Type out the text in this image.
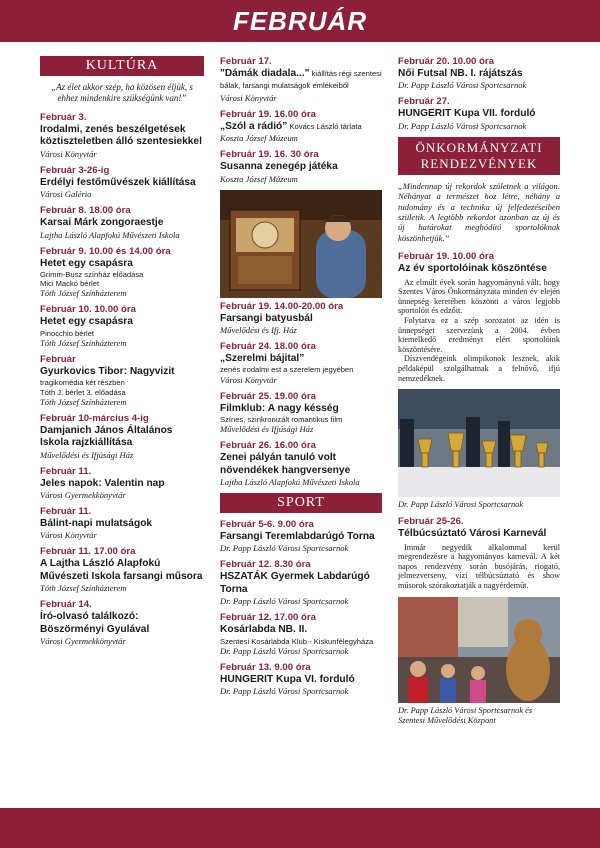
FEBRUÁR
KULTÚRA
„Az élet akkor szép, ha közösen éljük, s ehhez mindenkire szükségünk van!”
Február 3.
Irodalmi, zenés beszélgetések köztiszteletben álló szentesiekkel
Városi Könyvtár
Február 3-26-ig
Erdélyi festőművészek kiállítása
Városi Galéria
Február 8. 18.00 óra
Karsai Márk zongoraestje
Lajtha László Alapfokú Művészeti Iskola
Február 9. 10.00 és 14.00 óra
Hetet egy csapásra
Grimm-Busz színház előadása
Mici Mackó bérlet
Tóth József Színházterem
Február 10. 10.00 óra
Hetet egy csapásra
Pinocchio bérlet
Tóth József Színházterem
Február
Gyurkovics Tibor: Nagyvizit
tragikomédia két részben
Tóth J. bérlet 3. előadása
Tóth József Színházterem
Február 10-március 4-ig
Damjanich János Általános Iskola rajzkiállítása
Művelődési és Ifjúsági Ház
Február 11.
Jeles napok: Valentin nap
Városi Gyermekkönyvtár
Február 11.
Bálint-napi mulatságok
Városi Könyvtár
Február 11. 17.00 óra
A Lajtha László Alapfokú Művészeti Iskola farsangi műsora
Tóth József Színházterem
Február 14.
Író-olvasó találkozó: Böszörményi Gyulával
Városi Gyermekkönyvtár
Február 17.
"Dámák diadala..." kiállítás régi szentesi bálak, farsangi mulatságok emlékeiből
Városi Könyvtár
Február 19. 16.00 óra
„Szól a rádió” Kovács László tárlata
Koszta József Múzeum
Február 19. 16. 30 óra
Susanna zenegép játéka
Koszta József Múzeum
Február 19. 14.00-20.00 óra
Farsangi batyusbál
Művelődési és Ifj. Ház
Február 24. 18.00 óra
„Szerelmi bájital”
zenés irodalmi est a szerelem jegyében
Városi Könyvtár
Február 25. 19.00 óra
Filmklub: A nagy késség
Színes, szinkronizált romantikus film
Művelődési és Ifjúsági Ház
Február 26. 16.00 óra
Zenei pályán tanuló volt növendékek hangversenye
Lajtha László Alapfokú Művészeti Iskola
SPORT
Február 5-6. 9.00 óra
Farsangi Teremlabdarúgó Torna
Dr. Papp László Városi Sportcsarnok
Február 12. 8.30 óra
HSZATÁK Gyermek Labdarúgó Torna
Dr. Papp László Városi Sportcsarnok
Február 12. 17.00 óra
Kosárlabda NB. II.
Szentesi Kosárlabda Klub - Kiskunfélegyháza
Dr. Papp László Városi Sportcsarnok
Február 13. 9.00 óra
HUNGERIT Kupa VI. forduló
Dr. Papp László Városi Sportcsarnok
Február 20. 10.00 óra
Női Futsal NB. I. rájátszás
Dr. Papp László Városi Sportcsarnok
Február 27.
HUNGERIT Kupa VII. forduló
Dr. Papp László Városi Sportcsarnok
ÖNKORMÁNYZATI
RENDEZVÉNYEK
„Mindennap új rekordok születnek a világon. Néhányat a természet hoz létre, néhány a tudomány és a technika új felfedezéseiben születik. A legtöbb rekordot azonban az új és új határokat meghódító sportolóknak köszönhetjük.”
Február 19. 10.00 óra
Az év sportolóinak köszöntése

Az elmúlt évek során hagyományná vált, hogy Szentes Város Önkormányzata minden év elején ünnepség keretében köszönti a város legjobb sportolóit és edzőit.

Folytatva ez a szép sorozatot az idén is ünnepséget szervezünk a 2004. évben kiemelkedő eredményt elért sportolóink köszöntésére.

Díszvendégeink olimpikonok lesznek, akik példaképül szolgálhatnak a felnővő, ifjú nemzedéknek.

Dr. Papp László Városi Sportcsarnok
Február 25-26.
Télbúcsúztató Városi Karnevál

Immár negyedik alkalommal kerül megrendezésre a hagyományos karnevál. A két napos rendezvény során busójárás, riogató, jelmezverseny, vízi télbúcsúztató és show műsorok szórakoztatják a nagyérdeműt.

Dr. Papp László Városi Sportcsarnok és Szentesi Művelődési Központ
